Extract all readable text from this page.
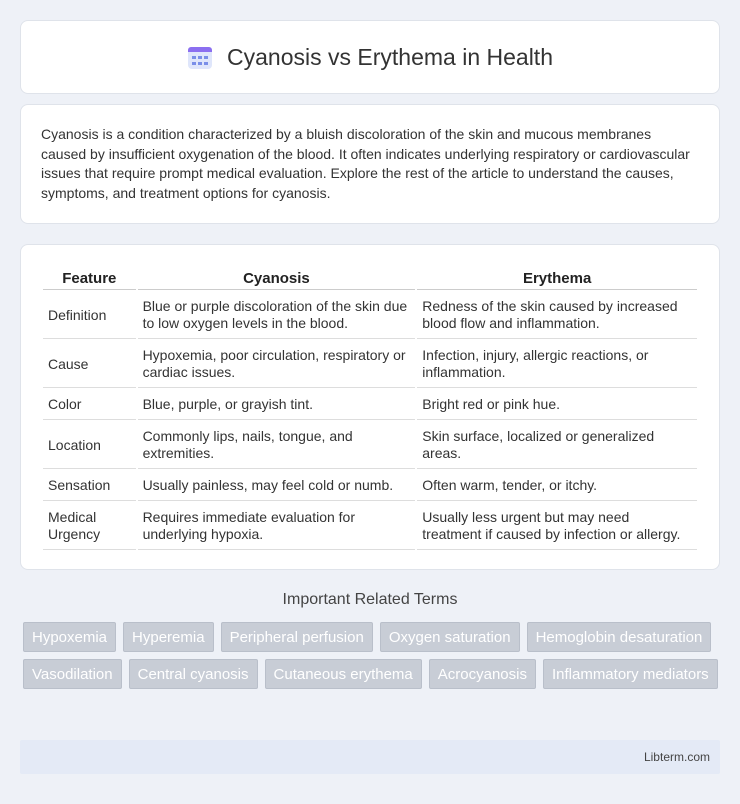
Cyanosis vs Erythema in Health

Cyanosis is a condition characterized by a bluish discoloration of the skin and mucous membranes caused by insufficient oxygenation of the blood. It often indicates underlying respiratory or cardiovascular issues that require prompt medical evaluation. Explore the rest of the article to understand the causes, symptoms, and treatment options for cyanosis.

Feature	Cyanosis	Erythema
Definition	Blue or purple discoloration of the skin due to low oxygen levels in the blood.	Redness of the skin caused by increased blood flow and inflammation.
Cause	Hypoxemia, poor circulation, respiratory or cardiac issues.	Infection, injury, allergic reactions, or inflammation.
Color	Blue, purple, or grayish tint.	Bright red or pink hue.
Location	Commonly lips, nails, tongue, and extremities.	Skin surface, localized or generalized areas.
Sensation	Usually painless, may feel cold or numb.	Often warm, tender, or itchy.
Medical Urgency	Requires immediate evaluation for underlying hypoxia.	Usually less urgent but may need treatment if caused by infection or allergy.
Important Related Terms
Hypoxemia	Hyperemia	Peripheral perfusion	Oxygen saturation	Hemoglobin desaturation
Vasodilation	Central cyanosis	Cutaneous erythema	Acrocyanosis	Inflammatory mediators
Libterm.com
